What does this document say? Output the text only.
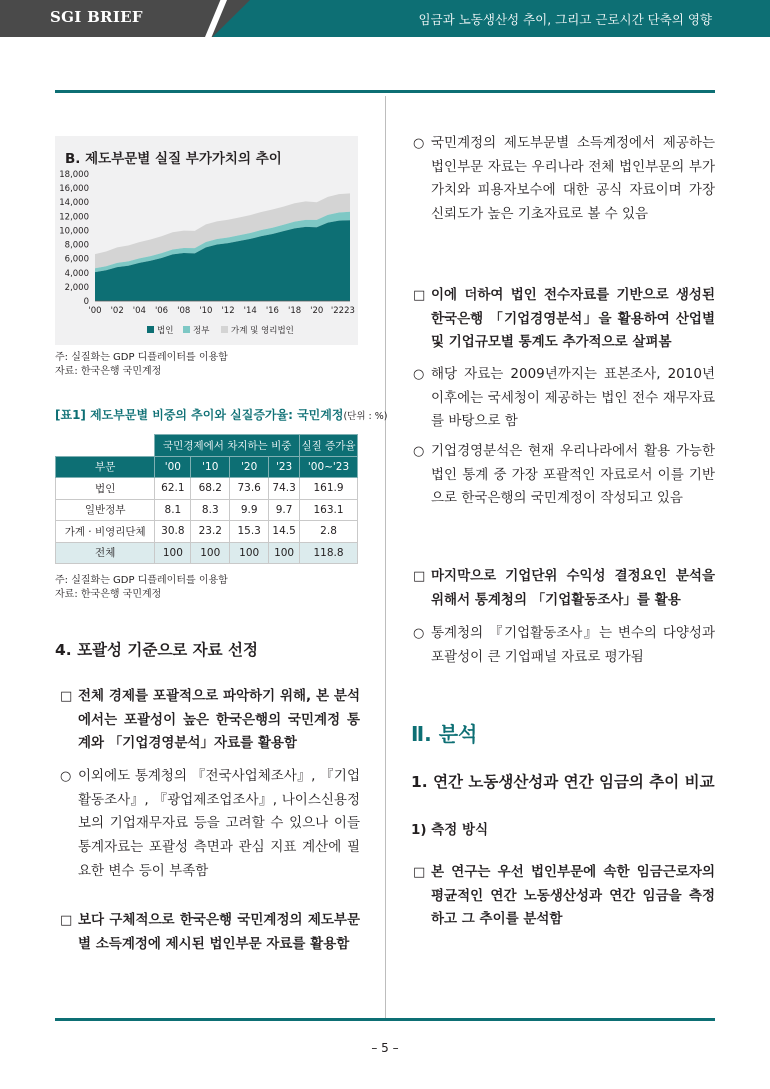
SGI BRIEF	임금과 노동생산성 추이, 그리고 근로시간 단축의 영향
B. 제도부문별 실질 부가가치의 추이
0
2,000
4,000
6,000
8,000
10,000
12,000
14,000
16,000
18,000
'00 '02 '04 '06 '08 '10 '12 '14 '16 '18 '20 '2223
법인 정부	가계 및 영리법인
주: 실질화는 GDP 디플레이터를 이용함
자료: 한국은행 국민계정
[표1] 제도부문별 비중의 추이와 실질증가율: 국민계정(단위 : %)
	국민경제에서 차지하는 비중				실질 증가율
부문	'00	'10	'20	'23	'00~'23
법인	62.1	68.2	73.6	74.3	161.9
일반정부	8.1	8.3	9.9	9.7	163.1
가계 · 비영리단체	30.8	23.2	15.3	14.5	2.8
전체	100	100	100	100	118.8
주: 실질화는 GDP 디플레이터를 이용함
자료: 한국은행 국민계정
4. 포괄성 기준으로 자료 선정
□ 전체 경제를 포괄적으로 파악하기 위해, 본 분석에서는 포괄성이 높은 한국은행의 국민계정 통계와 「기업경영분석」자료를 활용함
○ 이외에도 통계청의 『전국사업체조사』, 『기업활동조사』, 『광업제조업조사』, 나이스신용정보의 기업재무자료 등을 고려할 수 있으나 이들 통계자료는 포괄성 측면과 관심 지표 계산에 필요한 변수 등이 부족함
□ 보다 구체적으로 한국은행 국민계정의 제도부문별 소득계정에 제시된 법인부문 자료를 활용함
○ 국민계정의 제도부문별 소득계정에서 제공하는 법인부문 자료는 우리나라 전체 법인부문의 부가가치와 피용자보수에 대한 공식 자료이며 가장 신뢰도가 높은 기초자료로 볼 수 있음
□ 이에 더하여 법인 전수자료를 기반으로 생성된 한국은행 「기업경영분석」을 활용하여 산업별 및 기업규모별 통계도 추가적으로 살펴봄
○ 해당 자료는 2009년까지는 표본조사, 2010년 이후에는 국세청이 제공하는 법인 전수 재무자료를 바탕으로 함
○ 기업경영분석은 현재 우리나라에서 활용 가능한 법인 통계 중 가장 포괄적인 자료로서 이를 기반으로 한국은행의 국민계정이 작성되고 있음
□ 마지막으로 기업단위 수익성 결정요인 분석을 위해서 통계청의 「기업활동조사」를 활용
○ 통계청의 『기업활동조사』는 변수의 다양성과 포괄성이 큰 기업패널 자료로 평가됨
Ⅱ. 분석
1. 연간 노동생산성과 연간 임금의 추이 비교
1) 측정 방식
□ 본 연구는 우선 법인부문에 속한 임금근로자의 평균적인 연간 노동생산성과 연간 임금을 측정하고 그 추이를 분석함
– 5 –
